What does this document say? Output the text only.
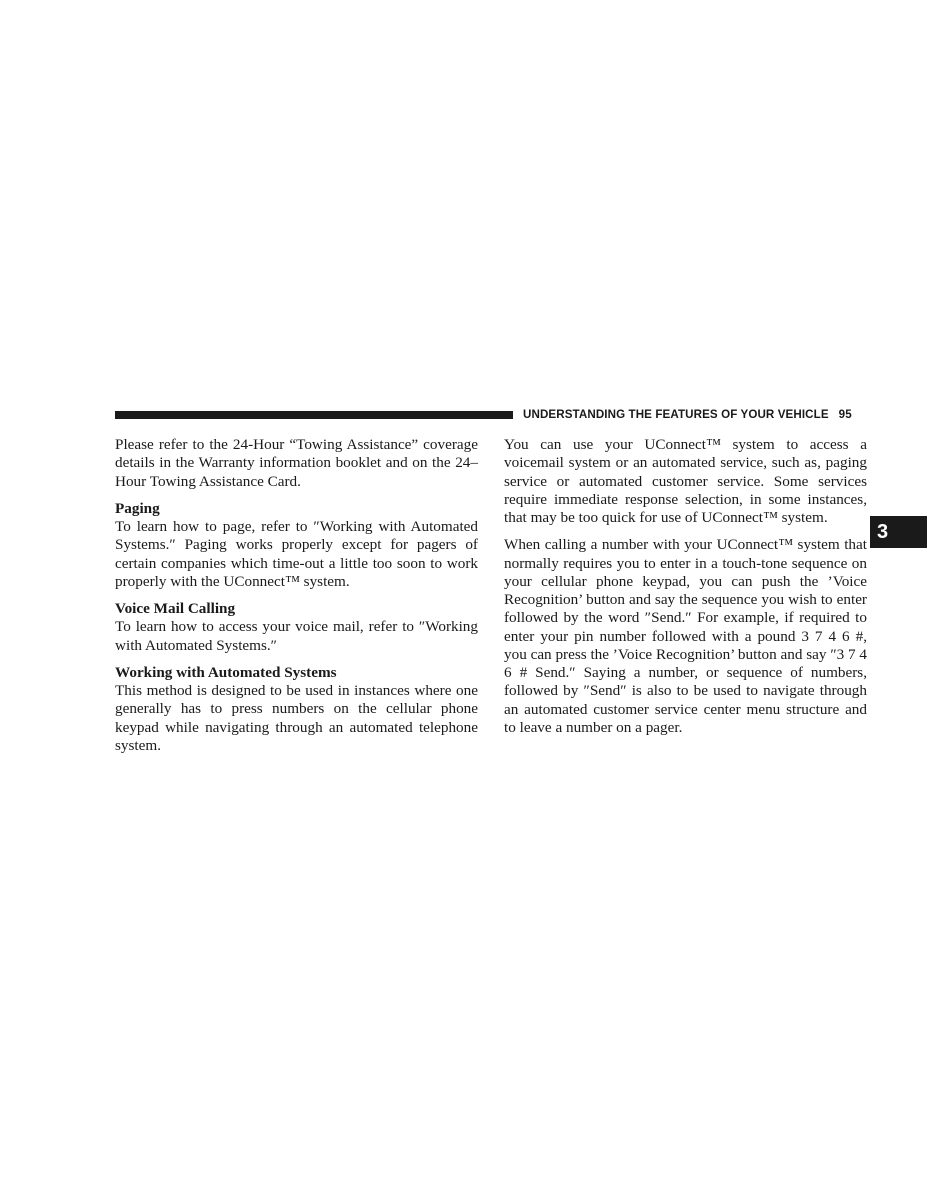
UNDERSTANDING THE FEATURES OF YOUR VEHICLE 95

Please refer to the 24-Hour “Towing Assistance” coverage details in the Warranty information booklet and on the 24–Hour Towing Assistance Card.

Paging

To learn how to page, refer to ″Working with Automated Systems.″ Paging works properly except for pagers of certain companies which time-out a little too soon to work properly with the UConnect™ system.

Voice Mail Calling

To learn how to access your voice mail, refer to ″Working with Automated Systems.″

Working with Automated Systems

This method is designed to be used in instances where one generally has to press numbers on the cellular phone keypad while navigating through an automated telephone system.

You can use your UConnect™ system to access a voicemail system or an automated service, such as, paging service or automated customer service. Some services require immediate response selection, in some instances, that may be too quick for use of UConnect™ system.

When calling a number with your UConnect™ system that normally requires you to enter in a touch-tone sequence on your cellular phone keypad, you can push the ’Voice Recognition’ button and say the sequence you wish to enter followed by the word ″Send.″ For example, if required to enter your pin number followed with a pound 3 7 4 6 #, you can press the ’Voice Recognition’ button and say ″3 7 4 6 # Send.″ Saying a number, or sequence of numbers, followed by ″Send″ is also to be used to navigate through an automated customer service center menu structure and to leave a number on a pager.

3
